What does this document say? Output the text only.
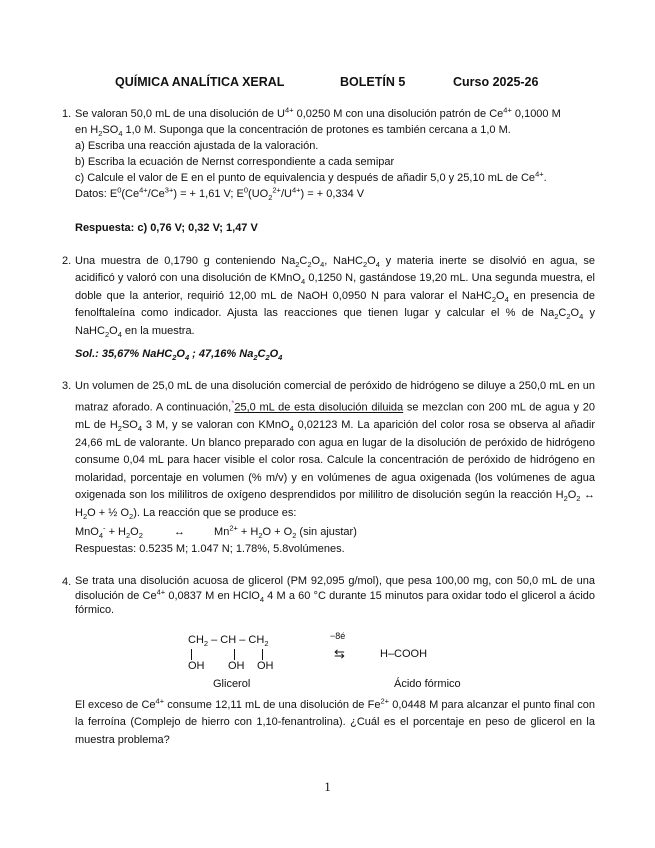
QUÍMICA ANALÍTICA XERAL	BOLETÍN 5	Curso 2025-26
1. Se valoran 50,0 mL de una disolución de $U^{4+}$ 0,0250 M con una disolución patrón de $Ce^{4+}$ 0,1000 M
en $H_2SO_4$ 1,0 M. Suponga que la concentración de protones es también cercana a 1,0 M.
a) Escriba una reacción ajustada de la valoración.
b) Escriba la ecuación de Nernst correspondiente a cada semipar
c) Calcule el valor de E en el punto de equivalencia y después de añadir 5,0 y 25,10 mL de $Ce^{4+}$.
Datos: $E^0(Ce^{4+}/Ce^{3+})$ = + 1,61 V; $E^0(UO_2^{2+}/U^{4+})$ = + 0,334 V
Respuesta: c) 0,76 V; 0,32 V; 1,47 V
2. Una muestra de 0,1790 g conteniendo $Na_2C_2O_4$, $NaHC_2O_4$ y materia inerte se disolvió en agua, se acidificó y valoró con una disolución de KMnO$_4$ 0,1250 N, gastándose 19,20 mL. Una segunda muestra, el doble que la anterior, requirió 12,00 mL de NaOH 0,0950 N para valorar el $NaHC_2O_4$ en presencia de fenolftaleína como indicador. Ajusta las reacciones que tienen lugar y calcular el % de $Na_2C_2O_4$ y $NaHC_2O_4$ en la muestra.
Sol.: 35,67% $NaHC_2O_4$ ; 47,16% $Na_2C_2O_4$
3. Un volumen de 25,0 mL de una disolución comercial de peróxido de hidrógeno se diluye a 250,0 mL en un matraz aforado. A continuación,*25,0 mL de esta disolución diluida se mezclan con 200 mL de agua y 20 mL de $H_2SO_4$ 3 M, y se valoran con KMnO$_4$ 0,02123 M. La aparición del color rosa se observa al añadir 24,66 mL de valorante. Un blanco preparado con agua en lugar de la disolución de peróxido de hidrógeno consume 0,04 mL para hacer visible el color rosa. Calcule la concentración de peróxido de hidrógeno en molaridad, porcentaje en volumen (% m/v) y en volúmenes de agua oxigenada (los volúmenes de agua oxigenada son los mililitros de oxígeno desprendidos por mililitro de disolución según la reacción $H_2O_2$ ↔ $H_2O$ + ½ $O_2$). La reacción que se produce es:
$MnO_4^- + H_2O_2$	↔	$Mn^{2+} + H_2O + O_2$ (sin ajustar)
Respuestas: 0.5235 M; 1.047 N; 1.78%, 5.8volúmenes.
4. Se trata una disolución acuosa de glicerol (PM 92,095 g/mol), que pesa 100,00 mg, con 50,0 mL de una disolución de $Ce^{4+}$ 0,0837 M en HClO$_4$ 4 M a 60 °C durante 15 minutos para oxidar todo el glicerol a ácido fórmico.
$CH_2$ – CH – $CH_2$
OH OH OH
Glicerol
−8é
⇆	H–COOH
Ácido fórmico
El exceso de $Ce^{4+}$ consume 12,11 mL de una disolución de $Fe^{2+}$ 0,0448 M para alcanzar el punto final con la ferroína (Complejo de hierro con 1,10-fenantrolina). ¿Cuál es el porcentaje en peso de glicerol en la muestra problema?
1
